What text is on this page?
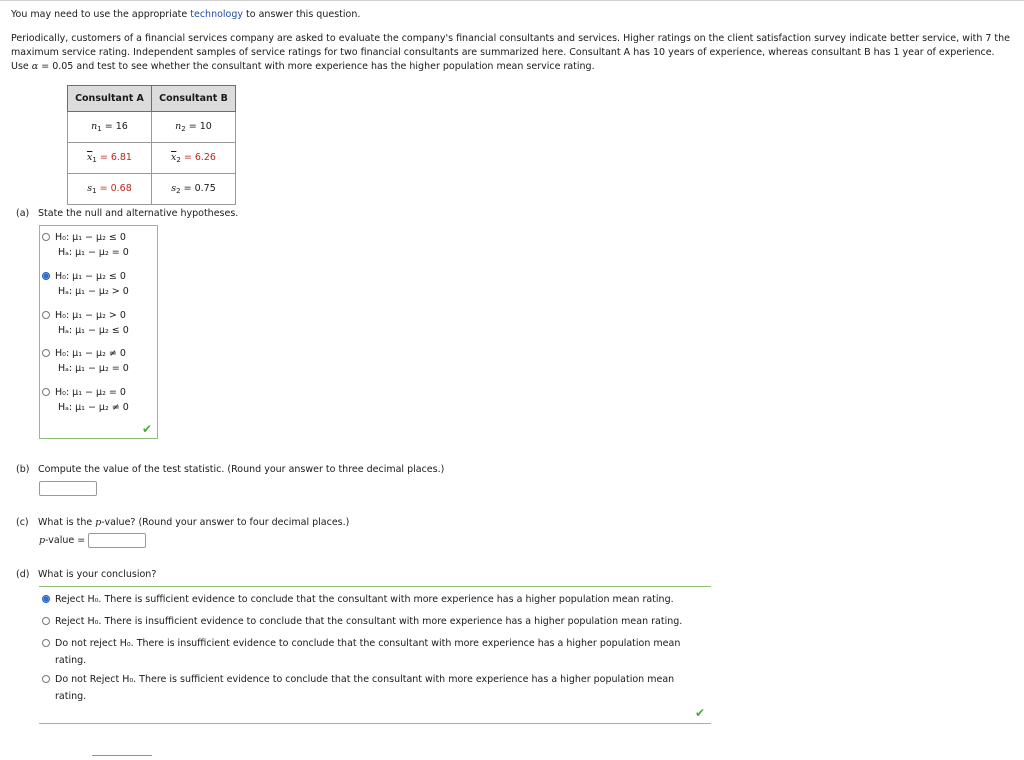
You may need to use the appropriate technology to answer this question.
Periodically, customers of a financial services company are asked to evaluate the company's financial consultants and services. Higher ratings on the client satisfaction survey indicate better service, with 7 the
maximum service rating. Independent samples of service ratings for two financial consultants are summarized here. Consultant A has 10 years of experience, whereas consultant B has 1 year of experience.
Use α = 0.05 and test to see whether the consultant with more experience has the higher population mean service rating.
Consultant A	Consultant B
$n_1 = 16$	$n_2 = 10$
$\overline{x}_1 = 6.81$	$\overline{x}_2 = 6.26$
$s_1 = 0.68$	$s_2 = 0.75$
(a) State the null and alternative hypotheses.
H₀: μ₁ − μ₂ ≤ 0
Hₐ: μ₁ − μ₂ = 0
H₀: μ₁ − μ₂ ≤ 0
Hₐ: μ₁ − μ₂ > 0
H₀: μ₁ − μ₂ > 0
Hₐ: μ₁ − μ₂ ≤ 0
H₀: μ₁ − μ₂ ≠ 0
Hₐ: μ₁ − μ₂ = 0
H₀: μ₁ − μ₂ = 0
Hₐ: μ₁ − μ₂ ≠ 0
✔
(b) Compute the value of the test statistic. (Round your answer to three decimal places.)
(c) What is the p-value? (Round your answer to four decimal places.)
p-value =
(d) What is your conclusion?
Reject H₀. There is sufficient evidence to conclude that the consultant with more experience has a higher population mean rating.
Reject H₀. There is insufficient evidence to conclude that the consultant with more experience has a higher population mean rating.
Do not reject H₀. There is insufficient evidence to conclude that the consultant with more experience has a higher population mean rating.
Do not Reject H₀. There is sufficient evidence to conclude that the consultant with more experience has a higher population mean rating.
✔
